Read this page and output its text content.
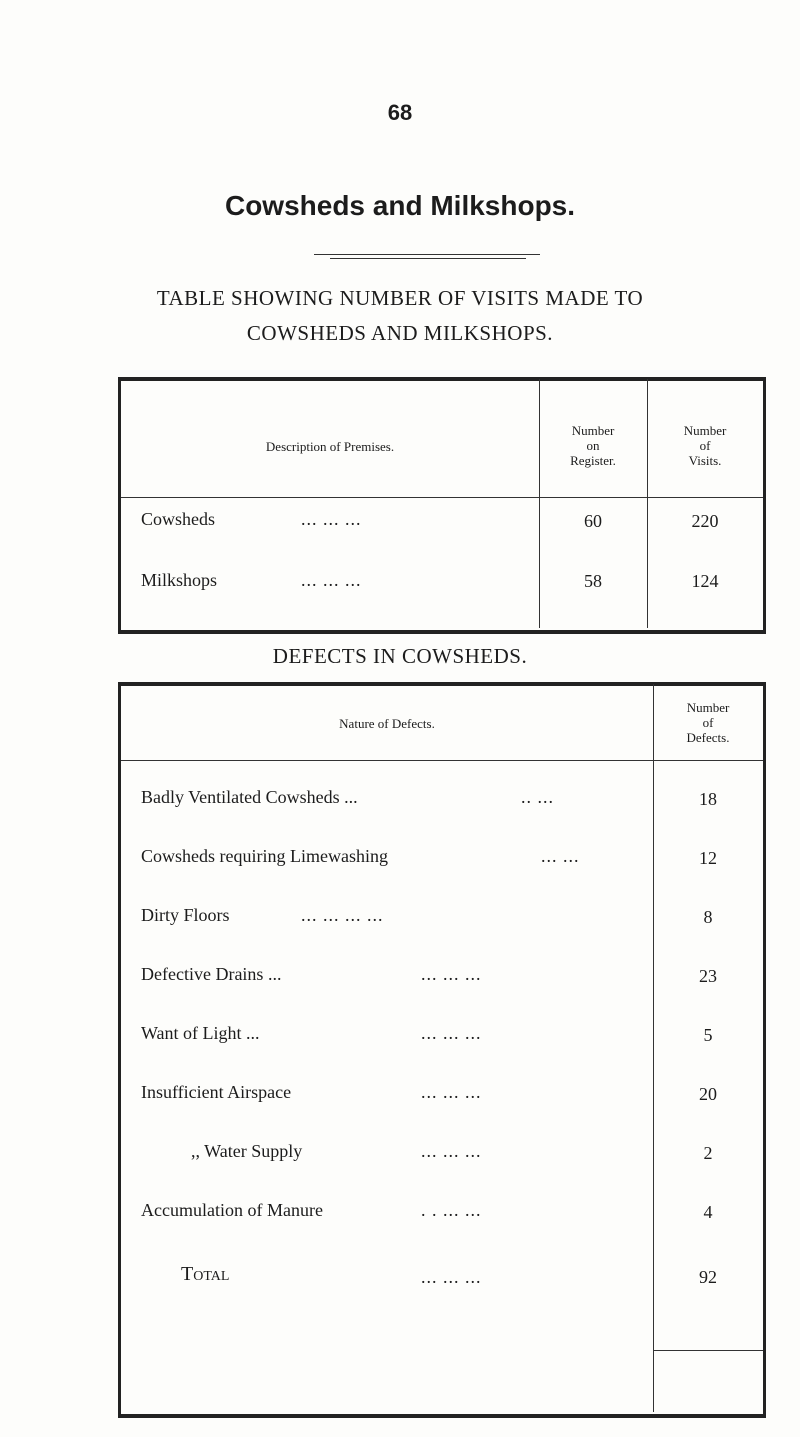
68
Cowsheds and Milkshops.
TABLE SHOWING NUMBER OF VISITS MADE TO
COWSHEDS AND MILKSHOPS.
Description of Premises.
Number
on
Register.
Number
of
Visits.
Cowsheds	... ... ...	60	220
Milkshops	... ... ...	58	124
DEFECTS IN COWSHEDS.
Nature of Defects.
Number
of
Defects.
Badly Ventilated Cowsheds ...	.. ...	18
Cowsheds requiring Limewashing	... ...	12
Dirty Floors	... ... ... ...	8
Defective Drains ...	... ... ...	23
Want of Light ...	... ... ...	5
Insufficient Airspace	... ... ...	20
,, Water Supply	... ... ...	2
Accumulation of Manure	. . ... ...	4
Total	... ... ...	92
